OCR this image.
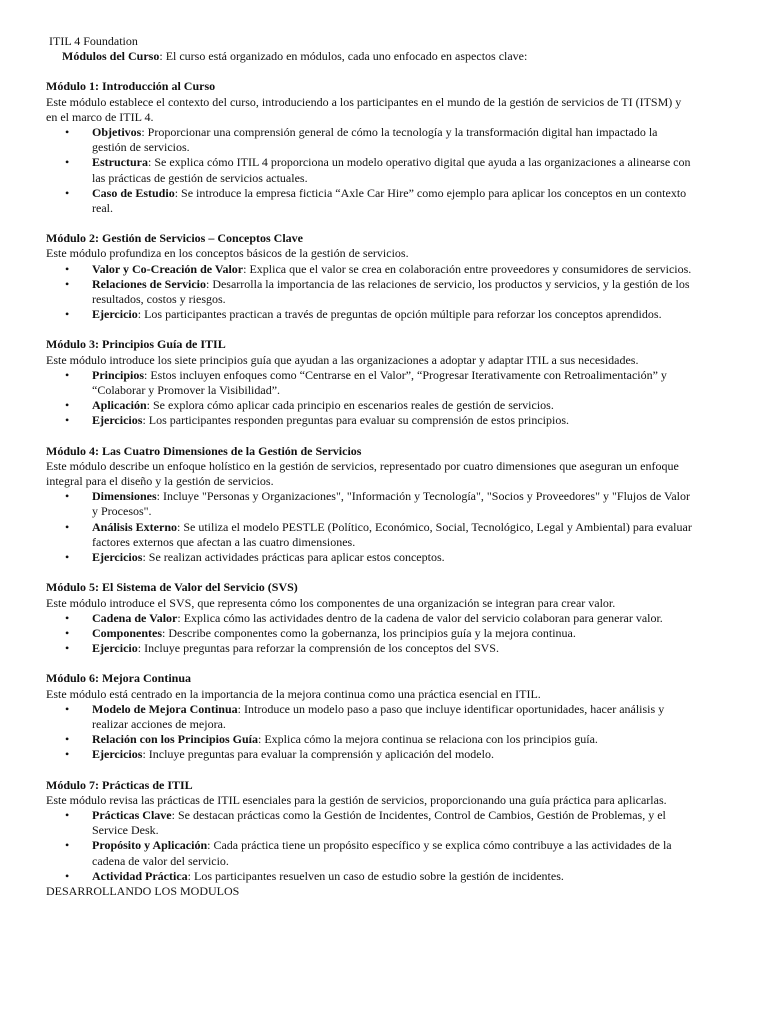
ITIL 4 Foundation
Módulos del Curso: El curso está organizado en módulos, cada uno enfocado en aspectos clave:
Módulo 1: Introducción al Curso
Este módulo establece el contexto del curso, introduciendo a los participantes en el mundo de la gestión de servicios de TI (ITSM) y en el marco de ITIL 4.
• Objetivos: Proporcionar una comprensión general de cómo la tecnología y la transformación digital han impactado la gestión de servicios.
• Estructura: Se explica cómo ITIL 4 proporciona un modelo operativo digital que ayuda a las organizaciones a alinearse con las prácticas de gestión de servicios actuales.
• Caso de Estudio: Se introduce la empresa ficticia “Axle Car Hire” como ejemplo para aplicar los conceptos en un contexto real.
Módulo 2: Gestión de Servicios – Conceptos Clave
Este módulo profundiza en los conceptos básicos de la gestión de servicios.
• Valor y Co-Creación de Valor: Explica que el valor se crea en colaboración entre proveedores y consumidores de servicios.
• Relaciones de Servicio: Desarrolla la importancia de las relaciones de servicio, los productos y servicios, y la gestión de los resultados, costos y riesgos.
• Ejercicio: Los participantes practican a través de preguntas de opción múltiple para reforzar los conceptos aprendidos.
Módulo 3: Principios Guía de ITIL
Este módulo introduce los siete principios guía que ayudan a las organizaciones a adoptar y adaptar ITIL a sus necesidades.
• Principios: Estos incluyen enfoques como “Centrarse en el Valor”, “Progresar Iterativamente con Retroalimentación” y “Colaborar y Promover la Visibilidad”.
• Aplicación: Se explora cómo aplicar cada principio en escenarios reales de gestión de servicios.
• Ejercicios: Los participantes responden preguntas para evaluar su comprensión de estos principios.
Módulo 4: Las Cuatro Dimensiones de la Gestión de Servicios
Este módulo describe un enfoque holístico en la gestión de servicios, representado por cuatro dimensiones que aseguran un enfoque integral para el diseño y la gestión de servicios.
• Dimensiones: Incluye "Personas y Organizaciones", "Información y Tecnología", "Socios y Proveedores" y "Flujos de Valor y Procesos".
• Análisis Externo: Se utiliza el modelo PESTLE (Político, Económico, Social, Tecnológico, Legal y Ambiental) para evaluar factores externos que afectan a las cuatro dimensiones.
• Ejercicios: Se realizan actividades prácticas para aplicar estos conceptos.
Módulo 5: El Sistema de Valor del Servicio (SVS)
Este módulo introduce el SVS, que representa cómo los componentes de una organización se integran para crear valor.
• Cadena de Valor: Explica cómo las actividades dentro de la cadena de valor del servicio colaboran para generar valor.
• Componentes: Describe componentes como la gobernanza, los principios guía y la mejora continua.
• Ejercicio: Incluye preguntas para reforzar la comprensión de los conceptos del SVS.
Módulo 6: Mejora Continua
Este módulo está centrado en la importancia de la mejora continua como una práctica esencial en ITIL.
• Modelo de Mejora Continua: Introduce un modelo paso a paso que incluye identificar oportunidades, hacer análisis y realizar acciones de mejora.
• Relación con los Principios Guía: Explica cómo la mejora continua se relaciona con los principios guía.
• Ejercicios: Incluye preguntas para evaluar la comprensión y aplicación del modelo.
Módulo 7: Prácticas de ITIL
Este módulo revisa las prácticas de ITIL esenciales para la gestión de servicios, proporcionando una guía práctica para aplicarlas.
• Prácticas Clave: Se destacan prácticas como la Gestión de Incidentes, Control de Cambios, Gestión de Problemas, y el Service Desk.
• Propósito y Aplicación: Cada práctica tiene un propósito específico y se explica cómo contribuye a las actividades de la cadena de valor del servicio.
• Actividad Práctica: Los participantes resuelven un caso de estudio sobre la gestión de incidentes.
DESARROLLANDO LOS MODULOS
